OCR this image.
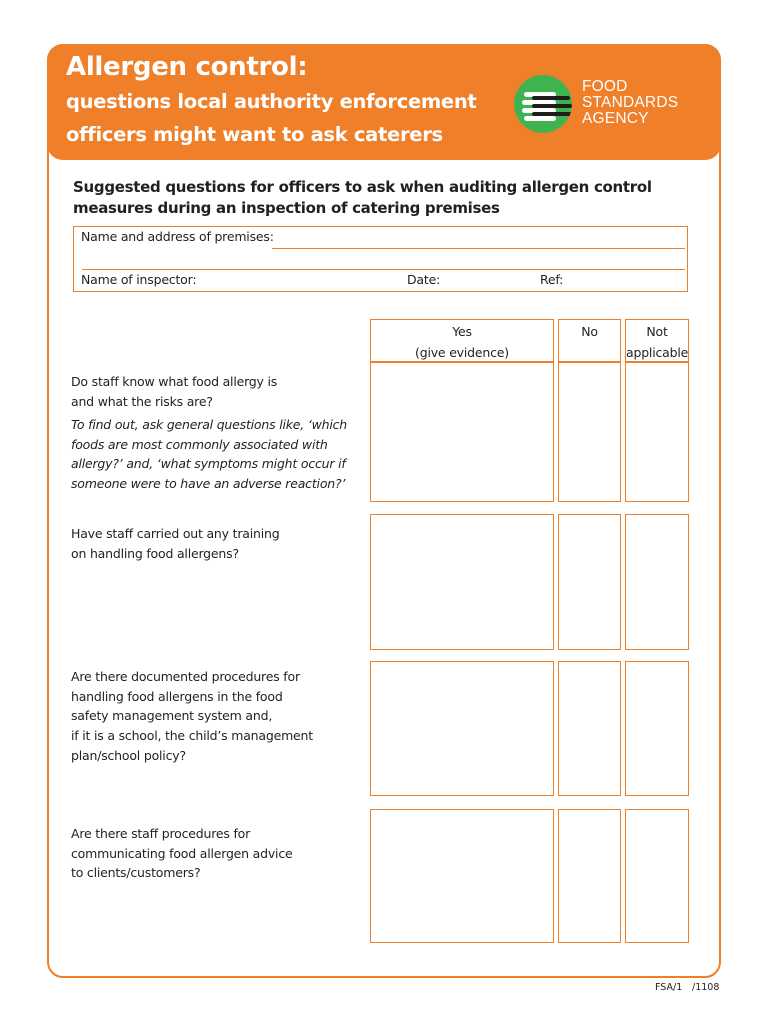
Allergen control:
questions local authority enforcement
officers might want to ask caterers
FOOD
STANDARDS
AGENCY
Suggested questions for officers to ask when auditing allergen control
measures during an inspection of catering premises
Name and address of premises:
Name of inspector:	Date:	Ref:
Yes
(give evidence)
No	Not
applicable
Do staff know what food allergy is
and what the risks are?
To find out, ask general questions like, ‘which
foods are most commonly associated with
allergy?’ and, ‘what symptoms might occur if
someone were to have an adverse reaction?’
Have staff carried out any training
on handling food allergens?
Are there documented procedures for
handling food allergens in the food
safety management system and,
if it is a school, the child’s management
plan/school policy?
Are there staff procedures for
communicating food allergen advice
to clients/customers?
FSA/1 /1108
